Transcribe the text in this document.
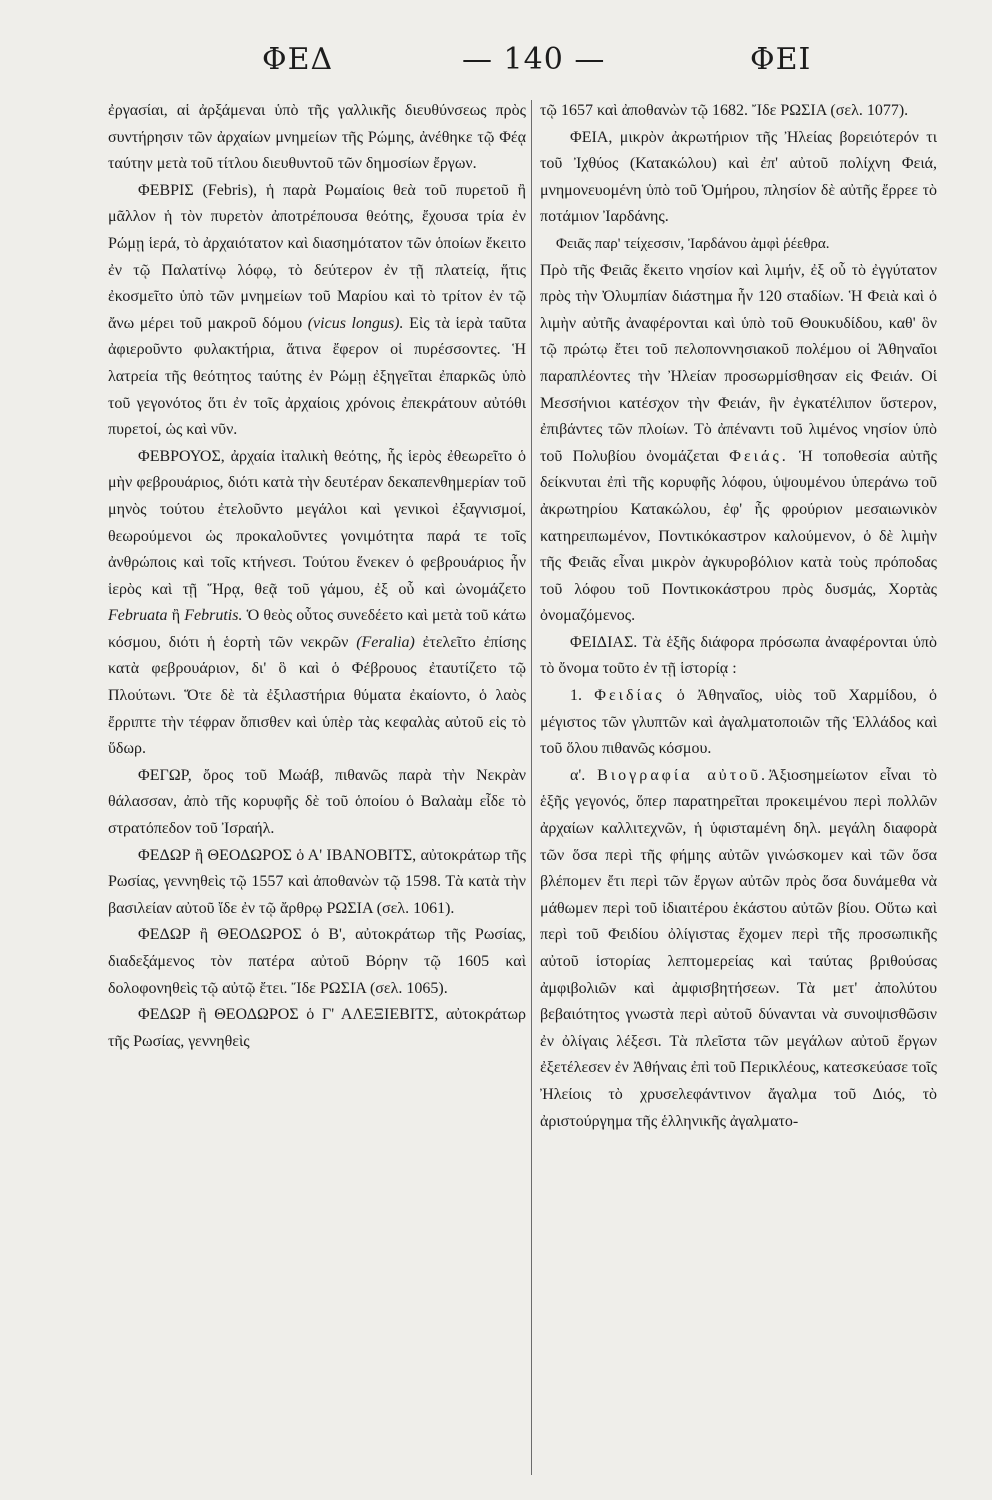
ΦΕΔ	— 140 —	ΦΕΙ

ἐργασίαι, αἱ ἀρξάμεναι ὑπὸ τῆς γαλλικῆς διευθύνσεως πρὸς συντήρησιν τῶν ἀρχαίων μνημείων τῆς Ρώμης, ἀνέθηκε τῷ Φέᾳ ταύτην μετὰ τοῦ τίτλου διευθυντοῦ τῶν δημοσίων ἔργων.

ΦΕΒΡΙΣ (Febris), ἡ παρὰ Ρωμαίοις θεὰ τοῦ πυρετοῦ ἢ μᾶλλον ἡ τὸν πυρετὸν ἀποτρέπουσα θεότης, ἔχουσα τρία ἐν Ρώμῃ ἱερά, τὸ ἀρχαιότατον καὶ διασημότατον τῶν ὁποίων ἔκειτο ἐν τῷ Παλατίνῳ λόφῳ, τὸ δεύτερον ἐν τῇ πλατείᾳ, ἥτις ἐκοσμεῖτο ὑπὸ τῶν μνημείων τοῦ Μαρίου καὶ τὸ τρίτον ἐν τῷ ἄνω μέρει τοῦ μακροῦ δόμου (vicus longus). Εἰς τὰ ἱερὰ ταῦτα ἀφιεροῦντο φυλακτήρια, ἅτινα ἔφερον οἱ πυρέσσοντες. Ἡ λατρεία τῆς θεότητος ταύτης ἐν Ρώμῃ ἐξηγεῖται ἐπαρκῶς ὑπὸ τοῦ γεγονότος ὅτι ἐν τοῖς ἀρχαίοις χρόνοις ἐπεκράτουν αὐτόθι πυρετοί, ὡς καὶ νῦν.

ΦΕΒΡΟΥΟΣ, ἀρχαία ἰταλικὴ θεότης, ἧς ἱερὸς ἐθεωρεῖτο ὁ μὴν φεβρουάριος, διότι κατὰ τὴν δευτέραν δεκαπενθημερίαν τοῦ μηνὸς τούτου ἐτελοῦντο μεγάλοι καὶ γενικοὶ ἐξαγνισμοί, θεωρούμενοι ὡς προκαλοῦντες γονιμότητα παρά τε τοῖς ἀνθρώποις καὶ τοῖς κτήνεσι. Τούτου ἕνεκεν ὁ φεβρουάριος ἦν ἱερὸς καὶ τῇ Ἥρᾳ, θεᾷ τοῦ γάμου, ἐξ οὗ καὶ ὠνομάζετο Februata ἢ Februtis. Ὁ θεὸς οὗτος συνεδέετο καὶ μετὰ τοῦ κάτω κόσμου, διότι ἡ ἑορτὴ τῶν νεκρῶν (Feralia) ἐτελεῖτο ἐπίσης κατὰ φεβρουάριον, δι' ὃ καὶ ὁ Φέβρουος ἐταυτίζετο τῷ Πλούτωνι. Ὅτε δὲ τὰ ἐξιλαστήρια θύματα ἐκαίοντο, ὁ λαὸς ἔρριπτε τὴν τέφραν ὄπισθεν καὶ ὑπὲρ τὰς κεφαλὰς αὐτοῦ εἰς τὸ ὕδωρ.

ΦΕΓΩΡ, ὄρος τοῦ Μωάβ, πιθανῶς παρὰ τὴν Νεκρὰν θάλασσαν, ἀπὸ τῆς κορυφῆς δὲ τοῦ ὁποίου ὁ Βαλαὰμ εἶδε τὸ στρατόπεδον τοῦ Ἰσραήλ.

ΦΕΔΩΡ ἢ ΘΕΟΔΩΡΟΣ ὁ Α' ΙΒΑΝΟΒΙΤΣ, αὐτοκράτωρ τῆς Ρωσίας, γεννηθεὶς τῷ 1557 καὶ ἀποθανὼν τῷ 1598. Τὰ κατὰ τὴν βασιλείαν αὐτοῦ ἴδε ἐν τῷ ἄρθρῳ ΡΩΣΙΑ (σελ. 1061).

ΦΕΔΩΡ ἢ ΘΕΟΔΩΡΟΣ ὁ Β', αὐτοκράτωρ τῆς Ρωσίας, διαδεξάμενος τὸν πατέρα αὐτοῦ Βόρην τῷ 1605 καὶ δολοφονηθεὶς τῷ αὐτῷ ἔτει. Ἴδε ΡΩΣΙΑ (σελ. 1065).

ΦΕΔΩΡ ἢ ΘΕΟΔΩΡΟΣ ὁ Γ' ΑΛΕΞΙΕΒΙΤΣ, αὐτοκράτωρ τῆς Ρωσίας, γεννηθεὶς

τῷ 1657 καὶ ἀποθανὼν τῷ 1682. Ἴδε ΡΩΣΙΑ (σελ. 1077).

ΦΕΙΑ, μικρὸν ἀκρωτήριον τῆς Ἠλείας βορειότερόν τι τοῦ Ἰχθύος (Κατακώλου) καὶ ἐπ' αὐτοῦ πολίχνη Φειά, μνημονευομένη ὑπὸ τοῦ Ὁμήρου, πλησίον δὲ αὐτῆς ἔρρεε τὸ ποτάμιον Ἰαρδάνης.

Φειᾶς παρ' τείχεσσιν, Ἰαρδάνου ἀμφὶ ῥέεθρα.

Πρὸ τῆς Φειᾶς ἔκειτο νησίον καὶ λιμήν, ἐξ οὗ τὸ ἐγγύτατον πρὸς τὴν Ὀλυμπίαν διάστημα ἦν 120 σταδίων. Ἡ Φειὰ καὶ ὁ λιμὴν αὐτῆς ἀναφέρονται καὶ ὑπὸ τοῦ Θουκυδίδου, καθ' ὃν τῷ πρώτῳ ἔτει τοῦ πελοποννησιακοῦ πολέμου οἱ Ἀθηναῖοι παραπλέοντες τὴν Ἠλείαν προσωρμίσθησαν εἰς Φειάν. Οἱ Μεσσήνιοι κατέσχον τὴν Φειάν, ἣν ἐγκατέλιπον ὕστερον, ἐπιβάντες τῶν πλοίων. Τὸ ἀπέναντι τοῦ λιμένος νησίον ὑπὸ τοῦ Πολυβίου ὀνομάζεται Φειάς. Ἡ τοποθεσία αὐτῆς δείκνυται ἐπὶ τῆς κορυφῆς λόφου, ὑψουμένου ὑπεράνω τοῦ ἀκρωτηρίου Κατακώλου, ἐφ' ἧς φρούριον μεσαιωνικὸν κατηρειπωμένον, Ποντικόκαστρον καλούμενον, ὁ δὲ λιμὴν τῆς Φειᾶς εἶναι μικρὸν ἀγκυροβόλιον κατὰ τοὺς πρόποδας τοῦ λόφου τοῦ Ποντικοκάστρου πρὸς δυσμάς, Χορτὰς ὀνομαζόμενος.

ΦΕΙΔΙΑΣ. Τὰ ἑξῆς διάφορα πρόσωπα ἀναφέρονται ὑπὸ τὸ ὄνομα τοῦτο ἐν τῇ ἱστορίᾳ :

1. Φειδίας ὁ Ἀθηναῖος, υἱὸς τοῦ Χαρμίδου, ὁ μέγιστος τῶν γλυπτῶν καὶ ἀγαλματοποιῶν τῆς Ἑλλάδος καὶ τοῦ ὅλου πιθανῶς κόσμου.

α'. Βιογραφία αὐτοῦ.Ἀξιοσημείωτον εἶναι τὸ ἑξῆς γεγονός, ὅπερ παρατηρεῖται προκειμένου περὶ πολλῶν ἀρχαίων καλλιτεχνῶν, ἡ ὑφισταμένη δηλ. μεγάλη διαφορὰ τῶν ὅσα περὶ τῆς φήμης αὐτῶν γινώσκομεν καὶ τῶν ὅσα βλέπομεν ἔτι περὶ τῶν ἔργων αὐτῶν πρὸς ὅσα δυνάμεθα νὰ μάθωμεν περὶ τοῦ ἰδιαιτέρου ἑκάστου αὐτῶν βίου. Οὕτω καὶ περὶ τοῦ Φειδίου ὀλίγιστας ἔχομεν περὶ τῆς προσωπικῆς αὐτοῦ ἱστορίας λεπτομερείας καὶ ταύτας βριθούσας ἀμφιβολιῶν καὶ ἀμφισβητήσεων. Τὰ μετ' ἀπολύτου βεβαιότητος γνωστὰ περὶ αὐτοῦ δύνανται νὰ συνοψισθῶσιν ἐν ὀλίγαις λέξεσι. Τὰ πλεῖστα τῶν μεγάλων αὐτοῦ ἔργων ἐξετέλεσεν ἐν Ἀθήναις ἐπὶ τοῦ Περικλέους, κατεσκεύασε τοῖς Ἠλείοις τὸ χρυσελεφάντινον ἄγαλμα τοῦ Διός, τὸ ἀριστούργημα τῆς ἑλληνικῆς ἀγαλματο-
